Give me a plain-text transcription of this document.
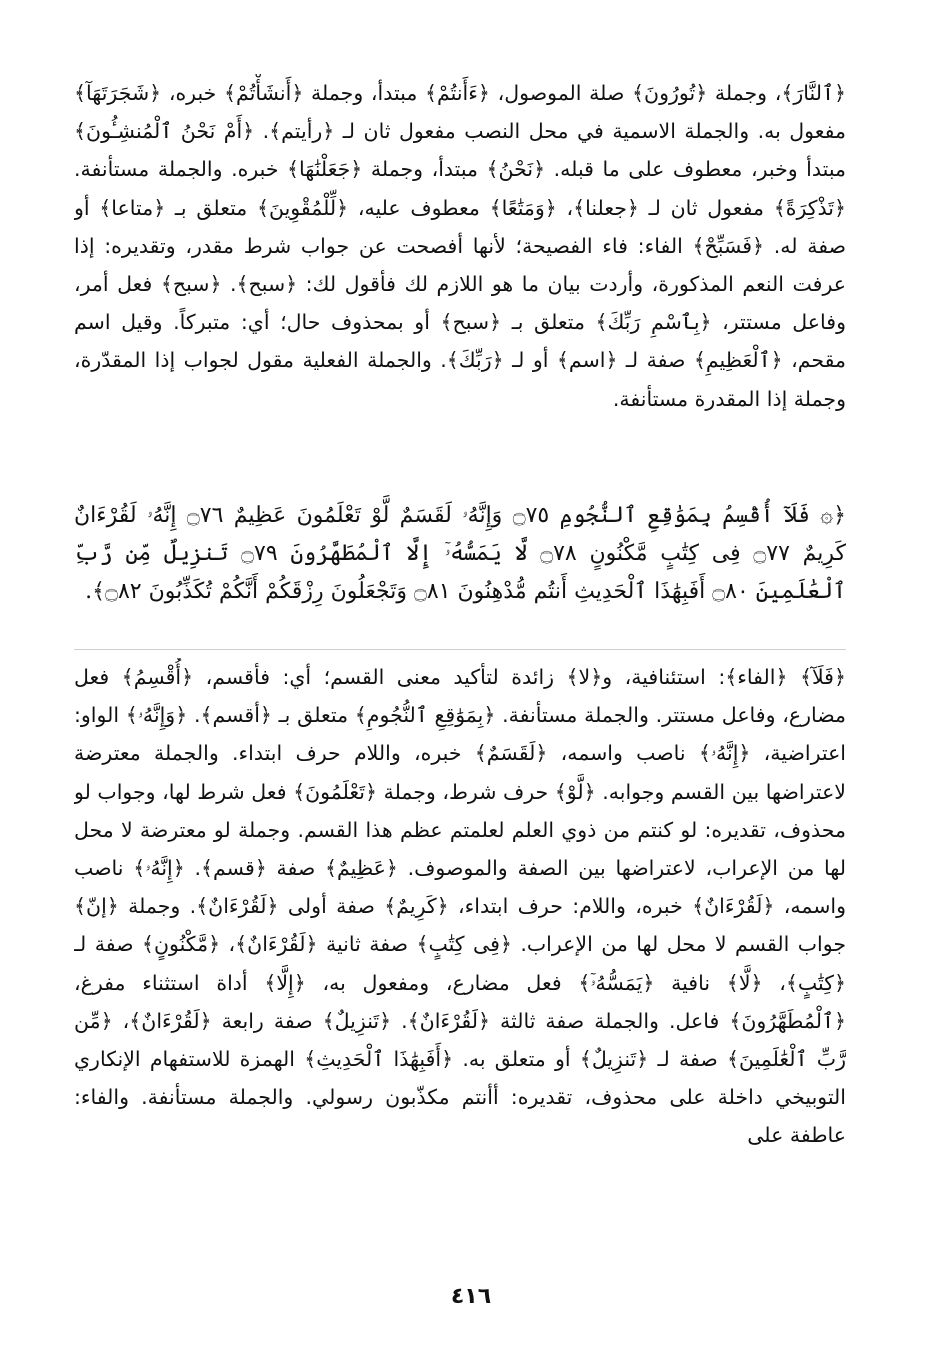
﴿ٱلنَّارَ﴾، وجملة ﴿تُورُونَ﴾ صلة الموصول، ﴿ءَأَنتُمْ﴾ مبتدأ، وجملة ﴿أَنشَأْتُمْ﴾ خبره، ﴿شَجَرَتَهَآ﴾ مفعول به. والجملة الاسمية في محل النصب مفعول ثان لـ ﴿رأيتم﴾. ﴿أَمْ نَحْنُ ٱلْمُنشِـُٔونَ﴾ مبتدأ وخبر، معطوف على ما قبله. ﴿نَحْنُ﴾ مبتدأ، وجملة ﴿جَعَلْنَٰهَا﴾ خبره. والجملة مستأنفة. ﴿تَذْكِرَةً﴾ مفعول ثان لـ ﴿جعلنا﴾، ﴿وَمَتَٰعًا﴾ معطوف عليه، ﴿لِّلْمُقْوِينَ﴾ متعلق بـ ﴿متاعا﴾ أو صفة له. ﴿فَسَبِّحْ﴾ الفاء: فاء الفصيحة؛ لأنها أفصحت عن جواب شرط مقدر، وتقديره: إذا عرفت النعم المذكورة، وأردت بيان ما هو اللازم لك فأقول لك: ﴿سبح﴾. ﴿سبح﴾ فعل أمر، وفاعل مستتر، ﴿بِٱسْمِ رَبِّكَ﴾ متعلق بـ ﴿سبح﴾ أو بمحذوف حال؛ أي: متبركاً. وقيل اسم مقحم، ﴿ٱلْعَظِيمِ﴾ صفة لـ ﴿اسم﴾ أو لـ ﴿رَبِّكَ﴾. والجملة الفعلية مقول لجواب إذا المقدّرة، وجملة إذا المقدرة مستأنفة.

﴿۞ فَلَآ أُقْسِمُ بِمَوَٰقِعِ ٱلنُّجُومِ ۝٧٥ وَإِنَّهُۥ لَقَسَمٌ لَّوْ تَعْلَمُونَ عَظِيمٌ ۝٧٦ إِنَّهُۥ لَقُرْءَانٌ كَرِيمٌ ۝٧٧ فِى كِتَٰبٍ مَّكْنُونٍ ۝٧٨ لَّا يَمَسُّهُۥٓ إِلَّا ٱلْمُطَهَّرُونَ ۝٧٩ تَنزِيلٌ مِّن رَّبِّ ٱلْعَٰلَمِينَ ۝٨٠ أَفَبِهَٰذَا ٱلْحَدِيثِ أَنتُم مُّدْهِنُونَ ۝٨١ وَتَجْعَلُونَ رِزْقَكُمْ أَنَّكُمْ تُكَذِّبُونَ ۝٨٢﴾.

﴿فَلَآ﴾ ﴿الفاء﴾: استئنافية، و﴿لا﴾ زائدة لتأكيد معنى القسم؛ أي: فأقسم، ﴿أُقْسِمُ﴾ فعل مضارع، وفاعل مستتر. والجملة مستأنفة. ﴿بِمَوَٰقِعِ ٱلنُّجُومِ﴾ متعلق بـ ﴿أقسم﴾. ﴿وَإِنَّهُۥ﴾ الواو: اعتراضية، ﴿إِنَّهُۥ﴾ ناصب واسمه، ﴿لَقَسَمٌ﴾ خبره، واللام حرف ابتداء. والجملة معترضة لاعتراضها بين القسم وجوابه. ﴿لَّوْ﴾ حرف شرط، وجملة ﴿تَعْلَمُونَ﴾ فعل شرط لها، وجواب لو محذوف، تقديره: لو كنتم من ذوي العلم لعلمتم عظم هذا القسم. وجملة لو معترضة لا محل لها من الإعراب، لاعتراضها بين الصفة والموصوف. ﴿عَظِيمٌ﴾ صفة ﴿قسم﴾. ﴿إِنَّهُۥ﴾ ناصب واسمه، ﴿لَقُرْءَانٌ﴾ خبره، واللام: حرف ابتداء، ﴿كَرِيمٌ﴾ صفة أولى ﴿لَقُرْءَانٌ﴾. وجملة ﴿إنّ﴾ جواب القسم لا محل لها من الإعراب. ﴿فِى كِتَٰبٍ﴾ صفة ثانية ﴿لَقُرْءَانٌ﴾، ﴿مَّكْنُونٍ﴾ صفة لـ ﴿كِتَٰبٍ﴾، ﴿لَّا﴾ نافية ﴿يَمَسُّهُۥٓ﴾ فعل مضارع، ومفعول به، ﴿إِلَّا﴾ أداة استثناء مفرغ، ﴿ٱلْمُطَهَّرُونَ﴾ فاعل. والجملة صفة ثالثة ﴿لَقُرْءَانٌ﴾. ﴿تَنزِيلٌ﴾ صفة رابعة ﴿لَقُرْءَانٌ﴾، ﴿مِّن رَّبِّ ٱلْعَٰلَمِينَ﴾ صفة لـ ﴿تَنزِيلٌ﴾ أو متعلق به. ﴿أَفَبِهَٰذَا ٱلْحَدِيثِ﴾ الهمزة للاستفهام الإنكاري التوبيخي داخلة على محذوف، تقديره: أأنتم مكذّبون رسولي. والجملة مستأنفة. والفاء: عاطفة على

٤١٦
